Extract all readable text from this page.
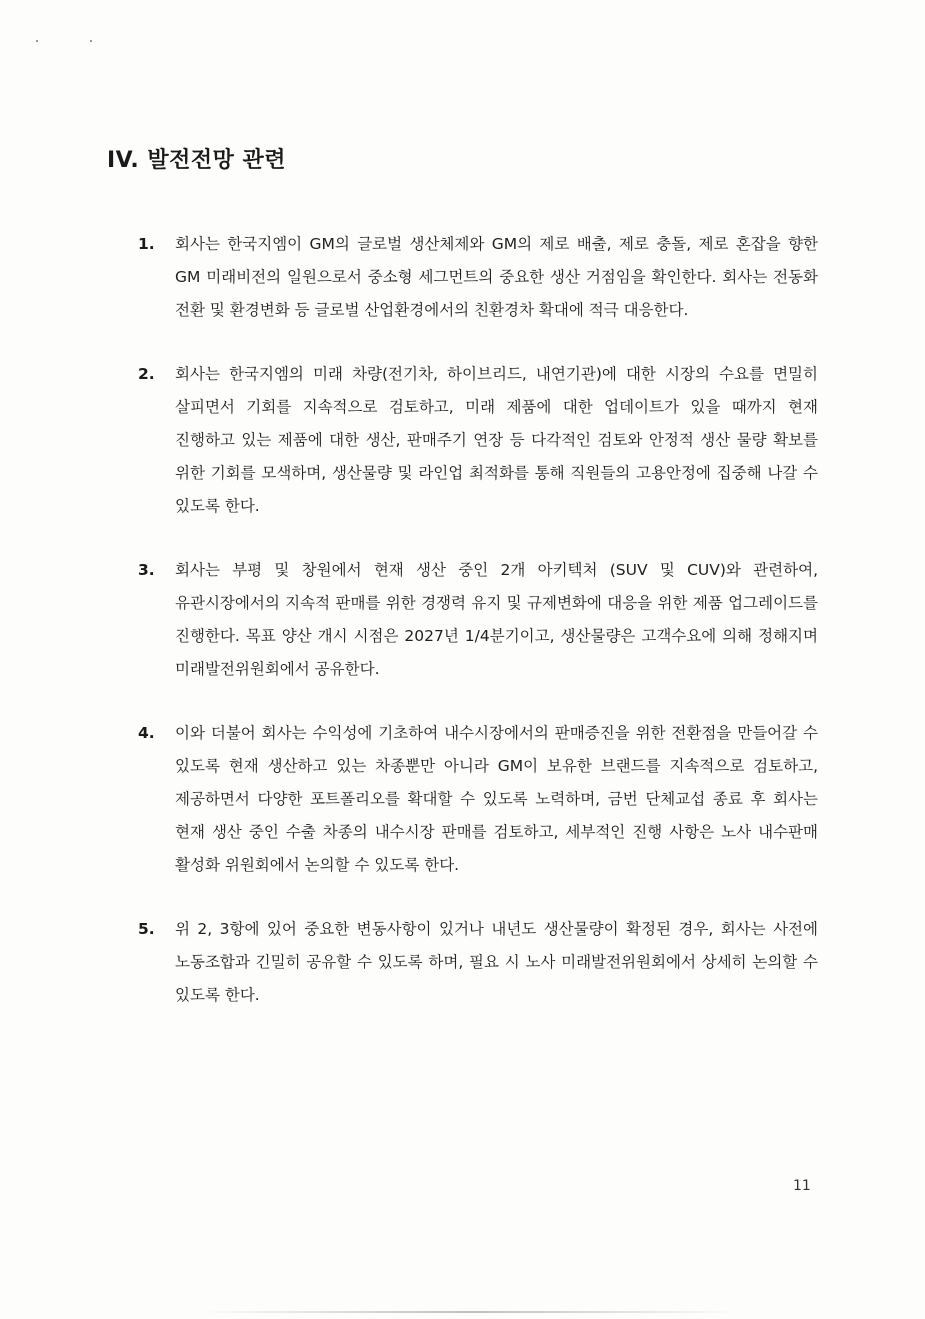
IV. 발전전망 관련
1. 회사는 한국지엠이 GM의 글로벌 생산체제와 GM의 제로 배출, 제로 충돌, 제로 혼잡을 향한 GM 미래비전의 일원으로서 중소형 세그먼트의 중요한 생산 거점임을 확인한다. 회사는 전동화 전환 및 환경변화 등 글로벌 산업환경에서의 친환경차 확대에 적극 대응한다.
2. 회사는 한국지엠의 미래 차량(전기차, 하이브리드, 내연기관)에 대한 시장의 수요를 면밀히 살피면서 기회를 지속적으로 검토하고, 미래 제품에 대한 업데이트가 있을 때까지 현재 진행하고 있는 제품에 대한 생산, 판매주기 연장 등 다각적인 검토와 안정적 생산 물량 확보를 위한 기회를 모색하며, 생산물량 및 라인업 최적화를 통해 직원들의 고용안정에 집중해 나갈 수 있도록 한다.
3. 회사는 부평 및 창원에서 현재 생산 중인 2개 아키텍처 (SUV 및 CUV)와 관련하여, 유관시장에서의 지속적 판매를 위한 경쟁력 유지 및 규제변화에 대응을 위한 제품 업그레이드를 진행한다. 목표 양산 개시 시점은 2027년 1/4분기이고, 생산물량은 고객수요에 의해 정해지며 미래발전위원회에서 공유한다.
4. 이와 더불어 회사는 수익성에 기초하여 내수시장에서의 판매증진을 위한 전환점을 만들어갈 수 있도록 현재 생산하고 있는 차종뿐만 아니라 GM이 보유한 브랜드를 지속적으로 검토하고, 제공하면서 다양한 포트폴리오를 확대할 수 있도록 노력하며, 금번 단체교섭 종료 후 회사는 현재 생산 중인 수출 차종의 내수시장 판매를 검토하고, 세부적인 진행 사항은 노사 내수판매 활성화 위원회에서 논의할 수 있도록 한다.
5. 위 2, 3항에 있어 중요한 변동사항이 있거나 내년도 생산물량이 확정된 경우, 회사는 사전에 노동조합과 긴밀히 공유할 수 있도록 하며, 필요 시 노사 미래발전위원회에서 상세히 논의할 수 있도록 한다.
11
